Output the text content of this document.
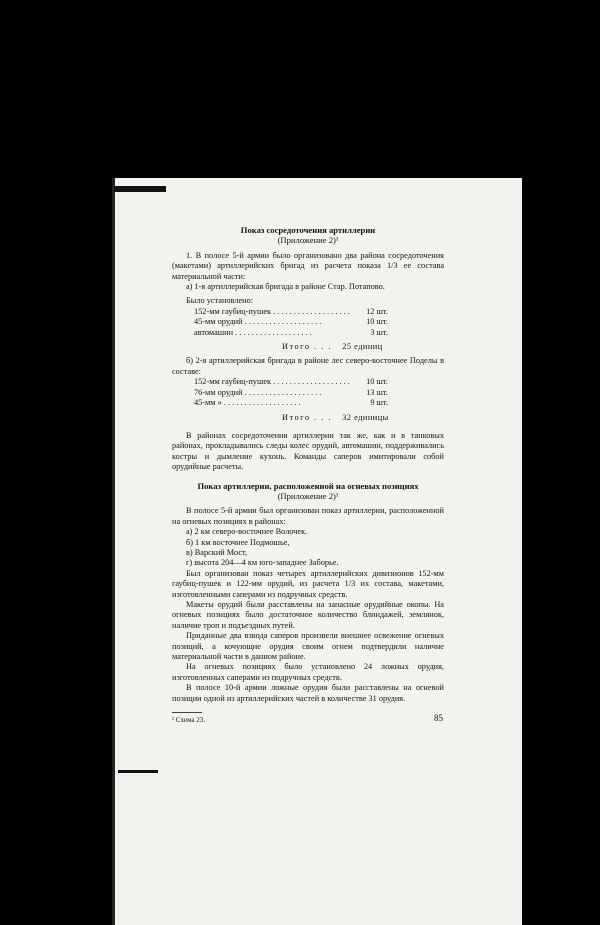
Показ сосредоточения артиллерии
(Приложение 2)¹

1. В полосе 5-й армии было организовано два района сосредоточения (макетами) артиллерийских бригад из расчета показа 1/3 ее состава материальной части:

а) 1-я артиллерийская бригада в районе Стар. Потапово.

Было установлено:

152-мм гаубиц-пушек . . .	12 шт.
45-мм орудий . . .	10 шт.
автомашин . . .	3 шт.
Итого . . . 25 единиц

б) 2-я артиллерийская бригада в районе лес северо-восточнее Поделы в составе:

152-мм гаубиц-пушек . . .	10 шт.
76-мм орудий . . .	13 шт.
45-мм » . . .	9 шт.
Итого . . . 32 единицы

В районах сосредоточения артиллерии так же, как и в танковых районах, прокладывались следы колес орудий, автомашин, поддерживались костры и дымление кухонь. Команды саперов имитировали собой орудийные расчеты.

Показ артиллерии, расположенной на огневых позициях
(Приложение 2)¹

В полосе 5-й армии был организован показ артиллерии, расположенной на огневых позициях в районах:

а) 2 км северо-восточнее Волочек.

б) 1 км восточнее Подмошье,

в) Варский Мост,

г) высота 204—4 км юго-западнее Заборье.

Был организован показ четырех артиллерийских дивизионов 152-мм гаубиц-пушек и 122-мм орудий, из расчета 1/3 их состава, макетами, изготовленными саперами из подручных средств.

Макеты орудий были расставлены на запасные орудийные окопы. На огневых позициях было достаточное количество блиндажей, землянок, наличие троп и подъездных путей.

Приданные два взвода саперов произвели внешнее освежение огневых позиций, а кочующие орудия своим огнем подтвердили наличие материальной части в данном районе.

На огневых позициях было установлено 24 ложных орудия, изготовленных саперами из подручных средств.

В полосе 10-й армии ложные орудия были расставлены на огневой позиции одной из артиллерийских частей в количестве 31 орудия.

¹ Схема 23.	85
